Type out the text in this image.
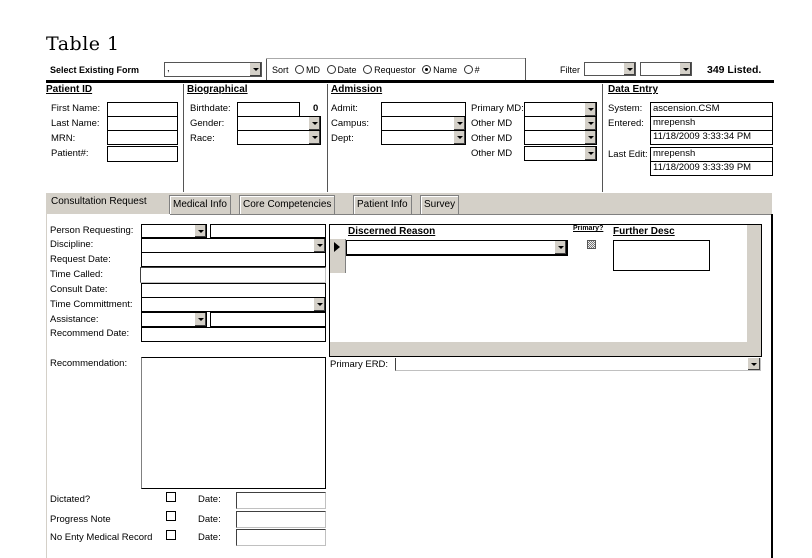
Table 1
Select Existing Form	,	Sort MD Date Requestor Name #	Filter	349 Listed.
Patient ID
First Name:
Last Name:
MRN:
Patient#:
Biographical
Birthdate:	0
Gender:
Race:
Admission
Admit:
Campus:
Dept:
Primary MD:
Other MD
Other MD
Other MD
Data Entry
System: ascension.CSM
Entered: mrepensh
11/18/2009 3:33:34 PM
Last Edit: mrepensh
11/18/2009 3:33:39 PM
Consultation Request	Medical Info	Core Competencies	Patient Info	Survey
Person Requesting:
Discipline:
Request Date:
Time Called:
Consult Date:
Time Committment:
Assistance:
Recommend Date:
Recommendation:
Discerned Reason	Primary? Further Desc
Primary ERD:
Dictated?	Date:
Progress Note	Date:
No Enty Medical Record	Date:
